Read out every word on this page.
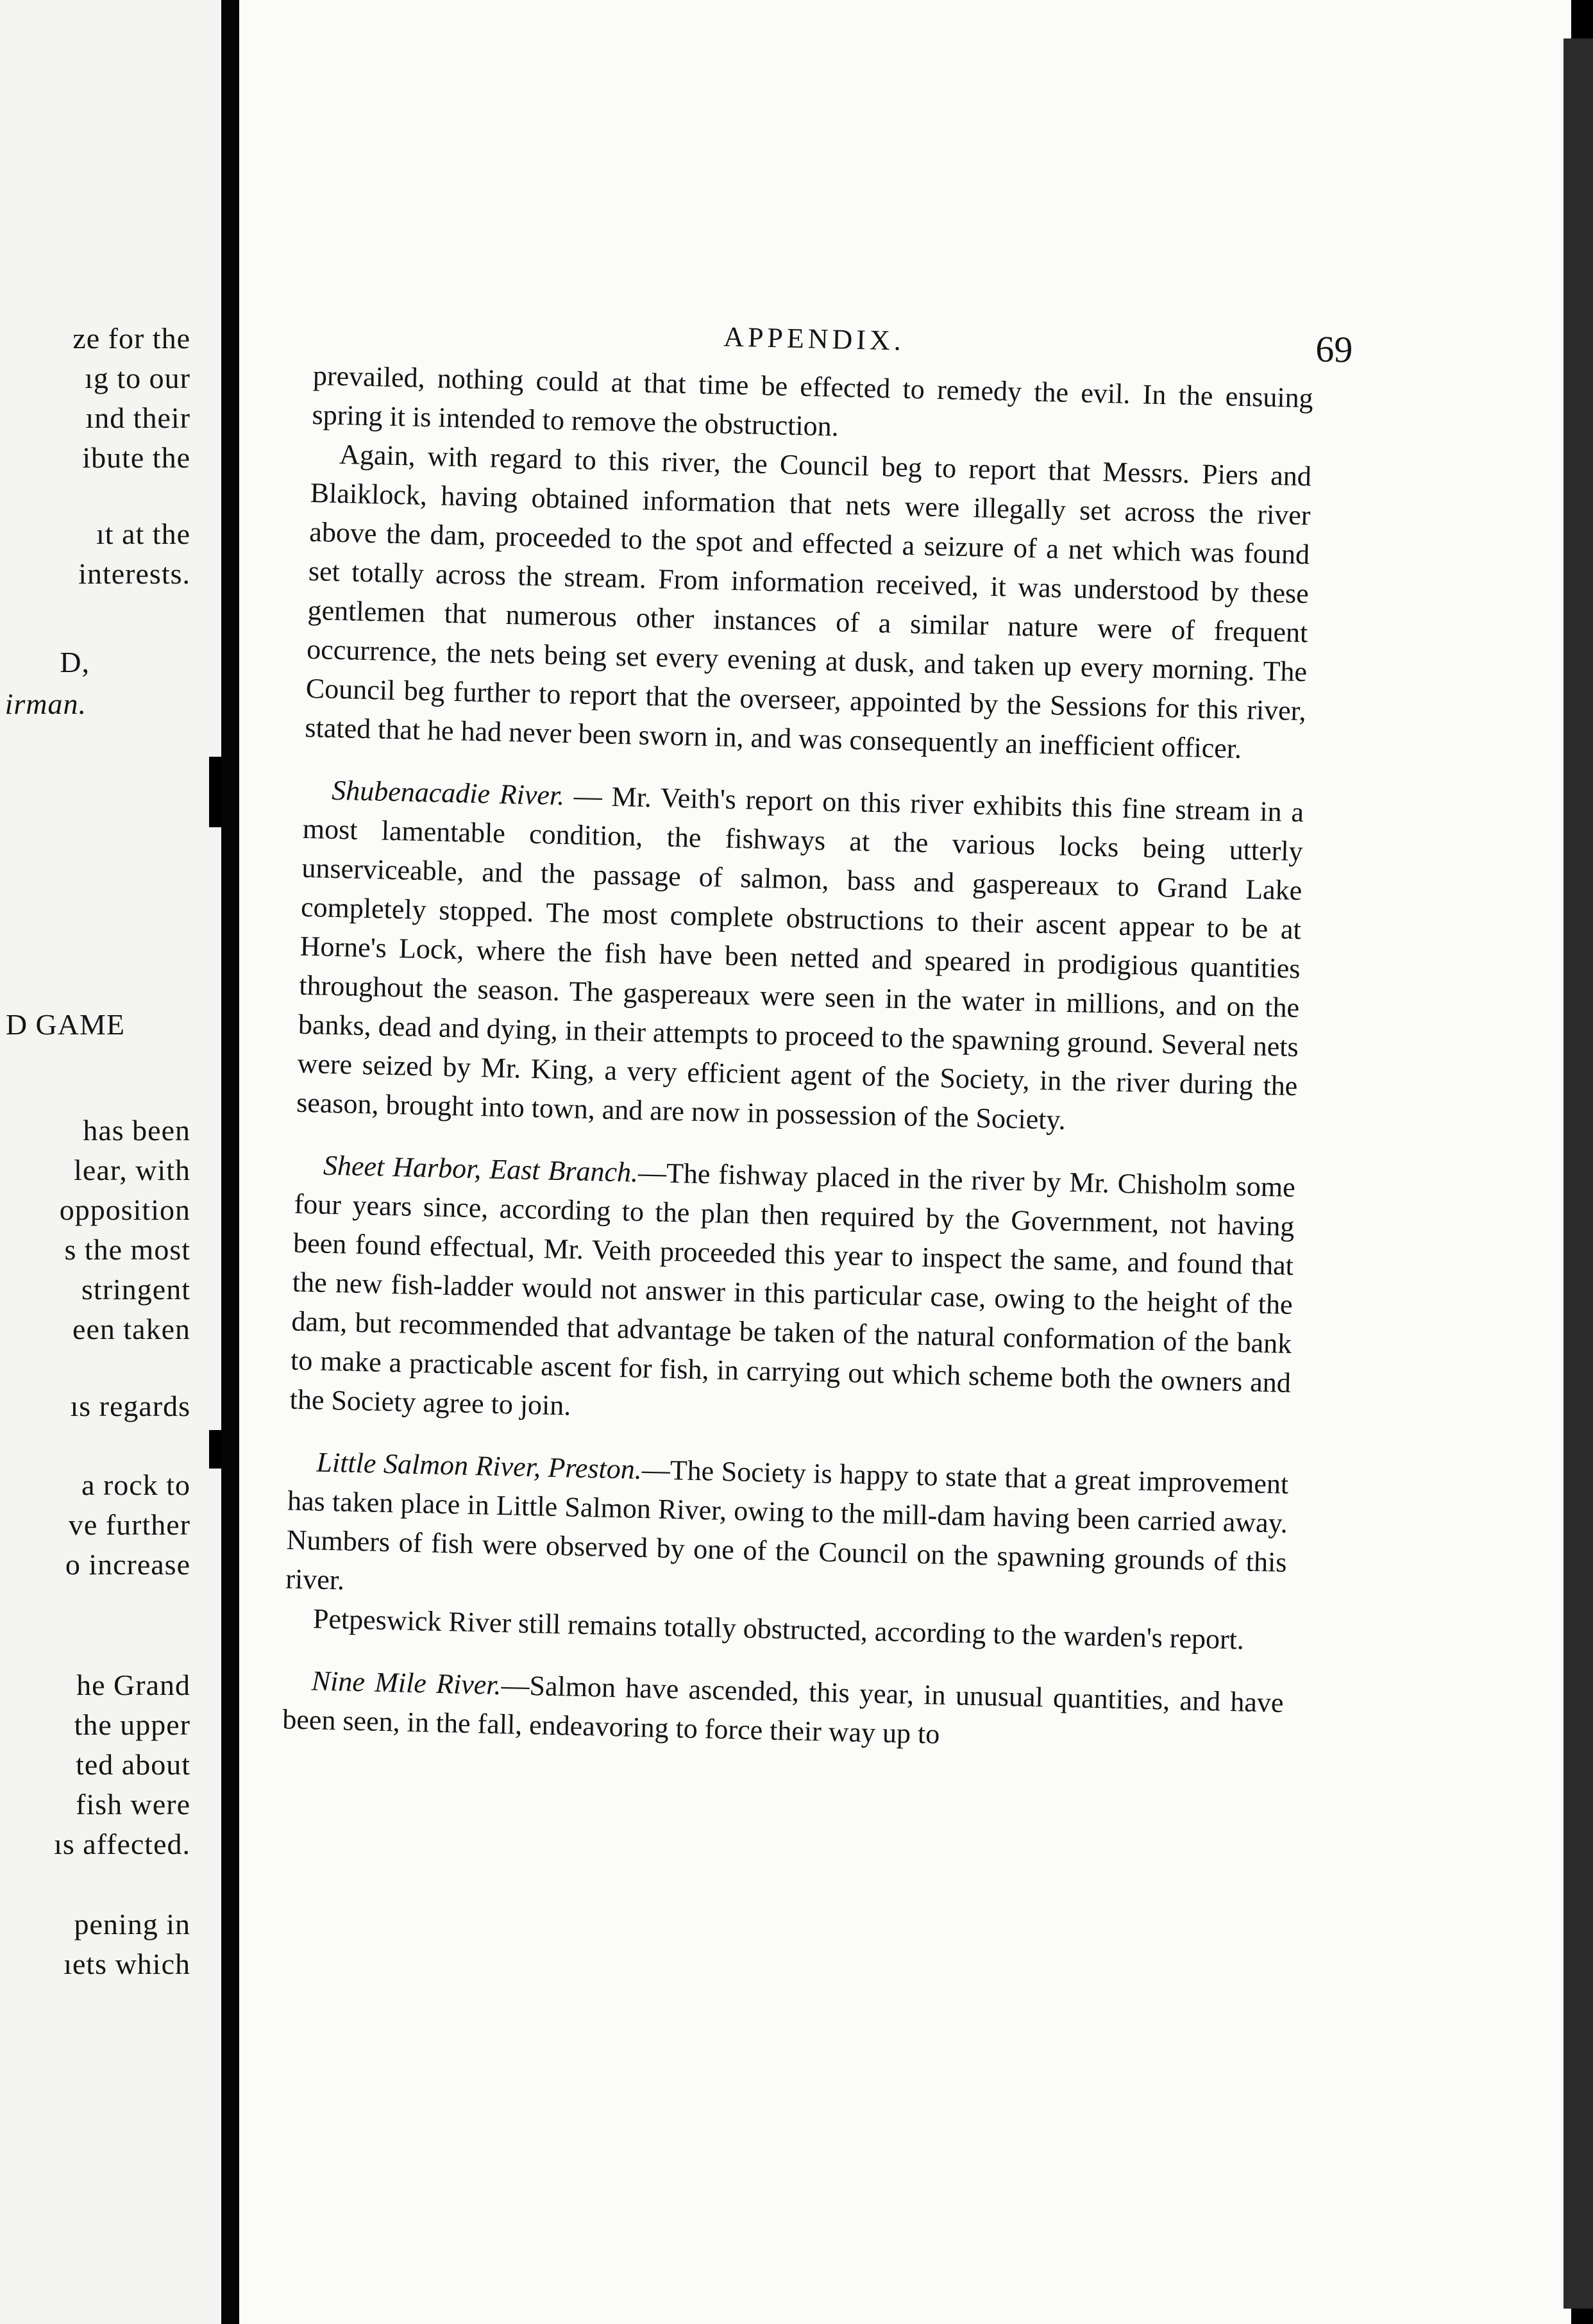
ze for the
ıg to our
ınd their
ibute the
ıt at the
interests.
D,
irman.
D GAME
has been
lear, with
opposition
s the most
stringent
een taken
ıs regards
a rock to
ve further
o increase
he Grand
the upper
ted about
fish were
ıs affected.
pening in
ıets which
APPENDIX.	69

prevailed, nothing could at that time be effected to remedy the evil. In the ensuing spring it is intended to remove the obstruction.

Again, with regard to this river, the Council beg to report that Messrs. Piers and Blaiklock, having obtained information that nets were illegally set across the river above the dam, proceeded to the spot and effected a seizure of a net which was found set totally across the stream. From information received, it was understood by these gentlemen that numerous other instances of a similar nature were of frequent occurrence, the nets being set every evening at dusk, and taken up every morning. The Council beg further to report that the overseer, appointed by the Sessions for this river, stated that he had never been sworn in, and was consequently an inefficient officer.

Shubenacadie River. — Mr. Veith's report on this river exhibits this fine stream in a most lamentable condition, the fishways at the various locks being utterly unserviceable, and the passage of salmon, bass and gaspereaux to Grand Lake completely stopped. The most complete obstructions to their ascent appear to be at Horne's Lock, where the fish have been netted and speared in prodigious quantities throughout the season. The gaspereaux were seen in the water in millions, and on the banks, dead and dying, in their attempts to proceed to the spawning ground. Several nets were seized by Mr. King, a very efficient agent of the Society, in the river during the season, brought into town, and are now in possession of the Society.

Sheet Harbor, East Branch.—The fishway placed in the river by Mr. Chisholm some four years since, according to the plan then required by the Government, not having been found effectual, Mr. Veith proceeded this year to inspect the same, and found that the new fish-ladder would not answer in this particular case, owing to the height of the dam, but recommended that advantage be taken of the natural conformation of the bank to make a practicable ascent for fish, in carrying out which scheme both the owners and the Society agree to join.

Little Salmon River, Preston.—The Society is happy to state that a great improvement has taken place in Little Salmon River, owing to the mill-dam having been carried away. Numbers of fish were observed by one of the Council on the spawning grounds of this river.

Petpeswick River still remains totally obstructed, according to the warden's report.

Nine Mile River.—Salmon have ascended, this year, in unusual quantities, and have been seen, in the fall, endeavoring to force their way up to
